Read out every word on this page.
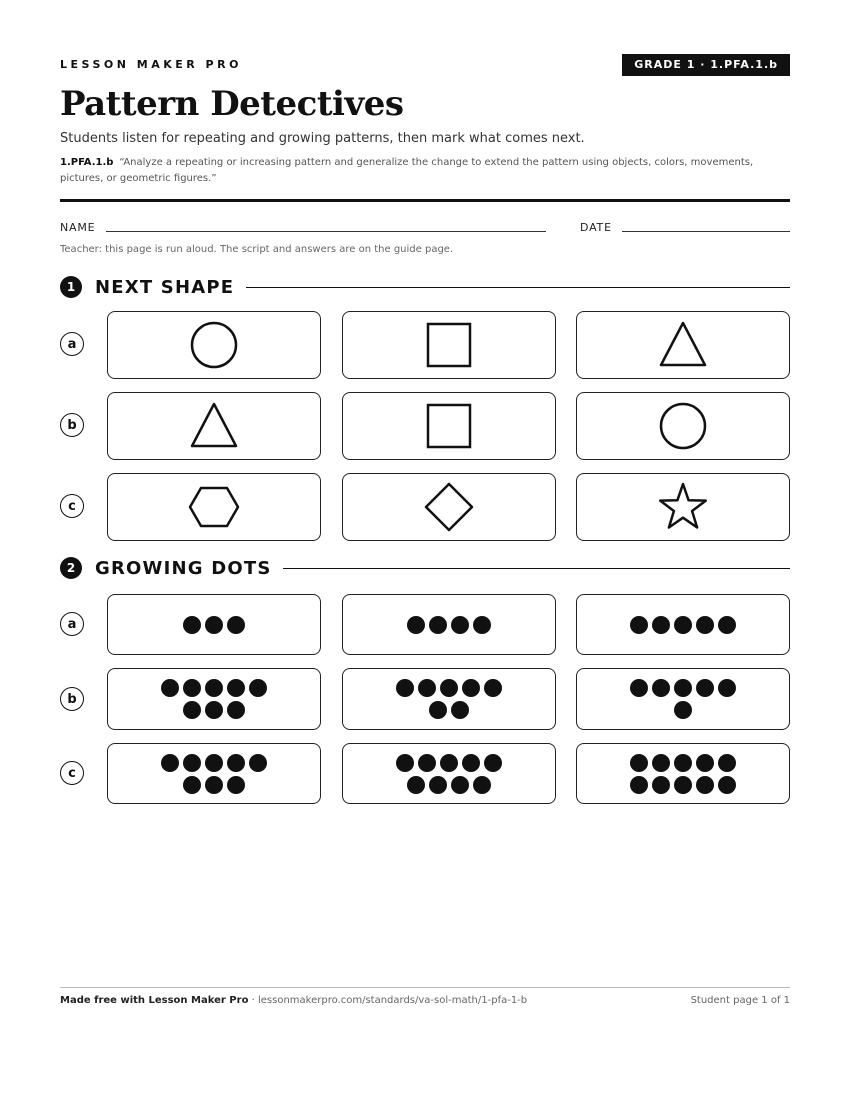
LESSON MAKER PRO	GRADE 1 · 1.PFA.1.b
Pattern Detectives
Students listen for repeating and growing patterns, then mark what comes next.
1.PFA.1.b “Analyze a repeating or increasing pattern and generalize the change to extend the pattern using objects, colors, movements, pictures, or geometric figures.”
NAME	DATE
Teacher: this page is run aloud. The script and answers are on the guide page.
1	NEXT SHAPE
a
b
c
2	GROWING DOTS
a
b
c
Made free with Lesson Maker Pro · lessonmakerpro.com/standards/va-sol-math/1-pfa-1-b	Student page 1 of 1
